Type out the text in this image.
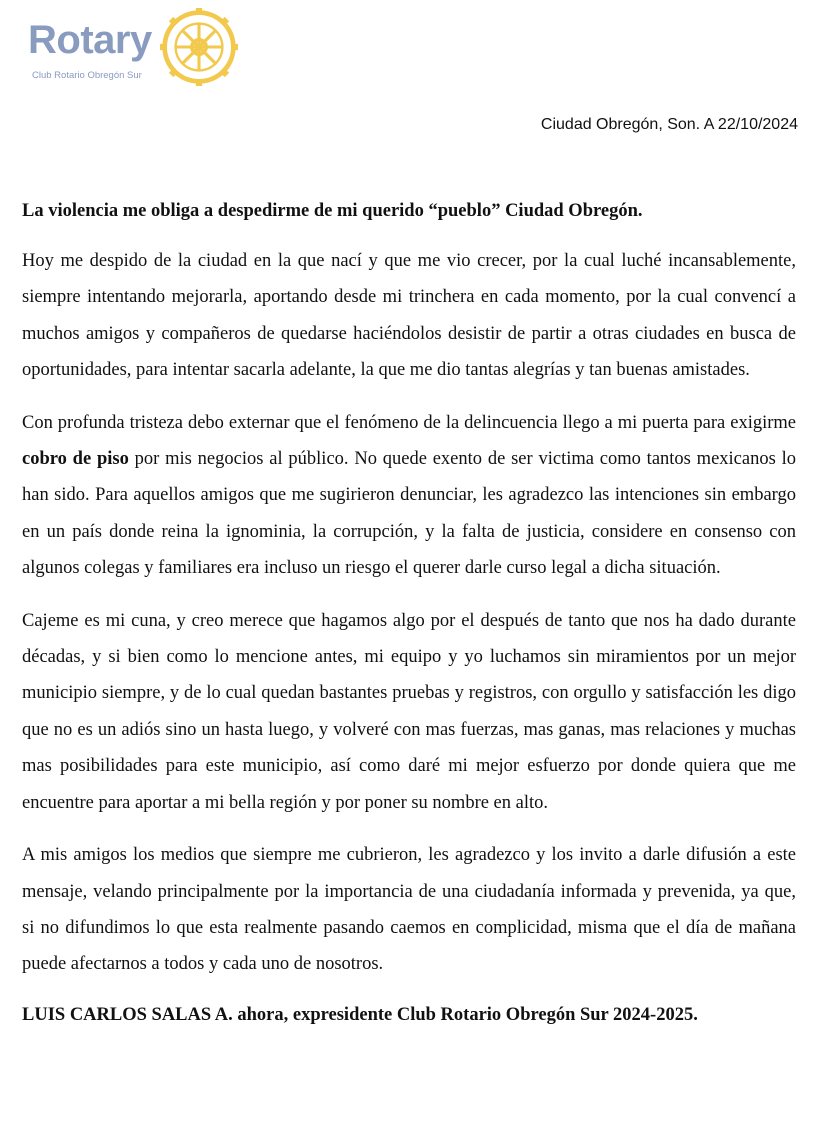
Rotary
Club Rotario Obregón Sur
Ciudad Obregón, Son. A 22/10/2024
La violencia me obliga a despedirme de mi querido “pueblo” Ciudad Obregón.

Hoy me despido de la ciudad en la que nací y que me vio crecer, por la cual luché incansablemente, siempre intentando mejorarla, aportando desde mi trinchera en cada momento, por la cual convencí a muchos amigos y compañeros de quedarse haciéndolos desistir de partir a otras ciudades en busca de oportunidades, para intentar sacarla adelante, la que me dio tantas alegrías y tan buenas amistades.

Con profunda tristeza debo externar que el fenómeno de la delincuencia llego a mi puerta para exigirme cobro de piso por mis negocios al público. No quede exento de ser victima como tantos mexicanos lo han sido. Para aquellos amigos que me sugirieron denunciar, les agradezco las intenciones sin embargo en un país donde reina la ignominia, la corrupción, y la falta de justicia, considere en consenso con algunos colegas y familiares era incluso un riesgo el querer darle curso legal a dicha situación.

Cajeme es mi cuna, y creo merece que hagamos algo por el después de tanto que nos ha dado durante décadas, y si bien como lo mencione antes, mi equipo y yo luchamos sin miramientos por un mejor municipio siempre, y de lo cual quedan bastantes pruebas y registros, con orgullo y satisfacción les digo que no es un adiós sino un hasta luego, y volveré con mas fuerzas, mas ganas, mas relaciones y muchas mas posibilidades para este municipio, así como daré mi mejor esfuerzo por donde quiera que me encuentre para aportar a mi bella región y por poner su nombre en alto.

A mis amigos los medios que siempre me cubrieron, les agradezco y los invito a darle difusión a este mensaje, velando principalmente por la importancia de una ciudadanía informada y prevenida, ya que, si no difundimos lo que esta realmente pasando caemos en complicidad, misma que el día de mañana puede afectarnos a todos y cada uno de nosotros.

LUIS CARLOS SALAS A. ahora, expresidente Club Rotario Obregón Sur 2024-2025.
